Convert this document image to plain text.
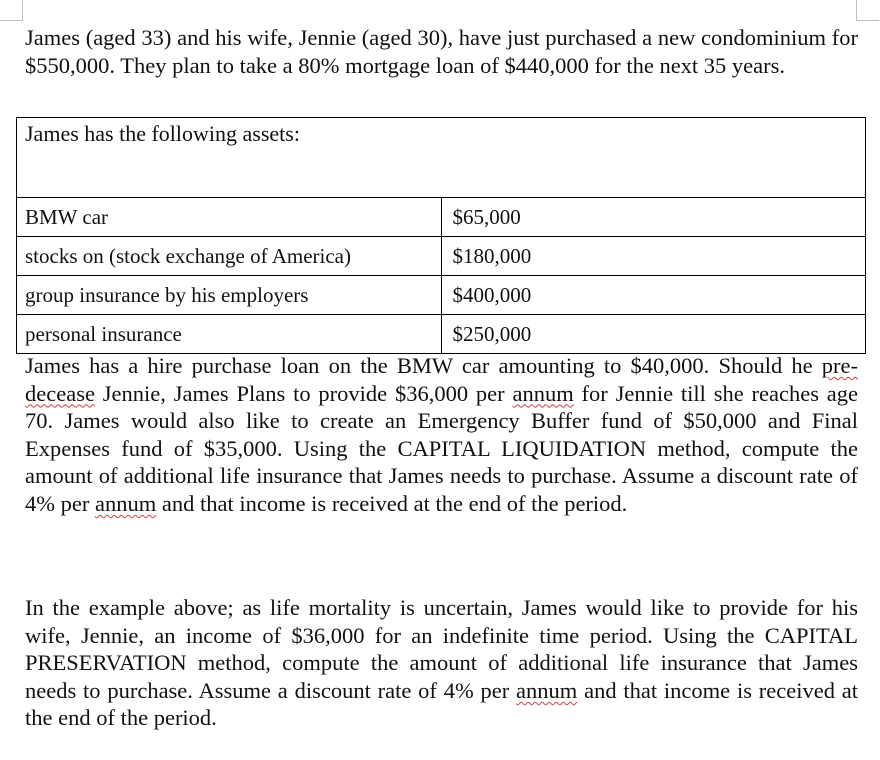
James (aged 33) and his wife, Jennie (aged 30), have just purchased a new condominium for $550,000. They plan to take a 80% mortgage loan of $440,000 for the next 35 years.

James has the following assets:	
BMW car	$65,000
stocks on (stock exchange of America)	$180,000
group insurance by his employers	$400,000
personal insurance	$250,000

James has a hire purchase loan on the BMW car amounting to $40,000. Should he pre-decease Jennie, James Plans to provide $36,000 per annum for Jennie till she reaches age 70. James would also like to create an Emergency Buffer fund of $50,000 and Final Expenses fund of $35,000. Using the CAPITAL LIQUIDATION method, compute the amount of additional life insurance that James needs to purchase. Assume a discount rate of 4% per annum and that income is received at the end of the period.

In the example above; as life mortality is uncertain, James would like to provide for his wife, Jennie, an income of $36,000 for an indefinite time period. Using the CAPITAL PRESERVATION method, compute the amount of additional life insurance that James needs to purchase. Assume a discount rate of 4% per annum and that income is received at the end of the period.
